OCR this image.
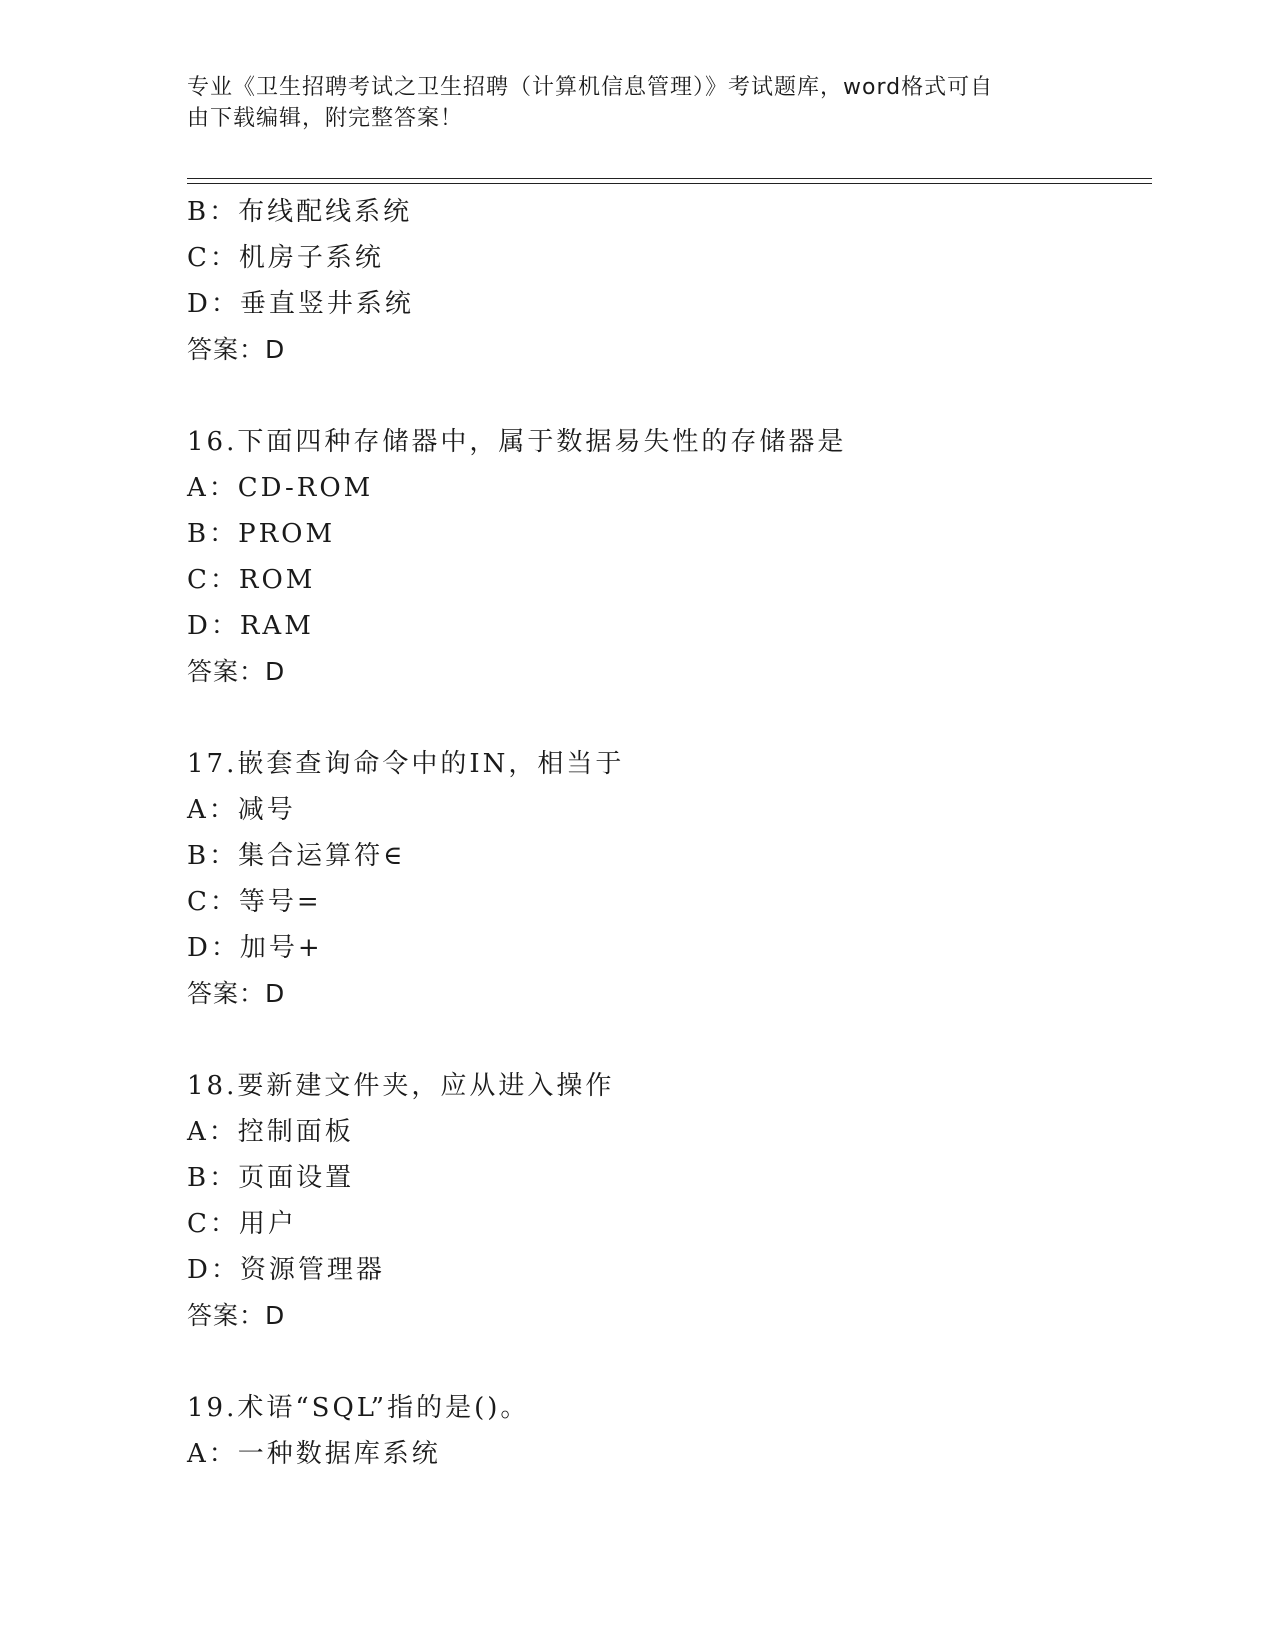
专业《卫生招聘考试之卫生招聘（计算机信息管理）》考试题库，word格式可自
由下载编辑，附完整答案！
B：布线配线系统
C：机房子系统
D：垂直竖井系统
答案：D
16.下面四种存储器中，属于数据易失性的存储器是
A：CD-ROM
B：PROM
C：ROM
D：RAM
答案：D
17.嵌套查询命令中的IN，相当于
A：减号
B：集合运算符∈
C：等号=
D：加号+
答案：D
18.要新建文件夹，应从进入操作
A：控制面板
B：页面设置
C：用户
D：资源管理器
答案：D
19.术语“SQL”指的是()。
A：一种数据库系统
